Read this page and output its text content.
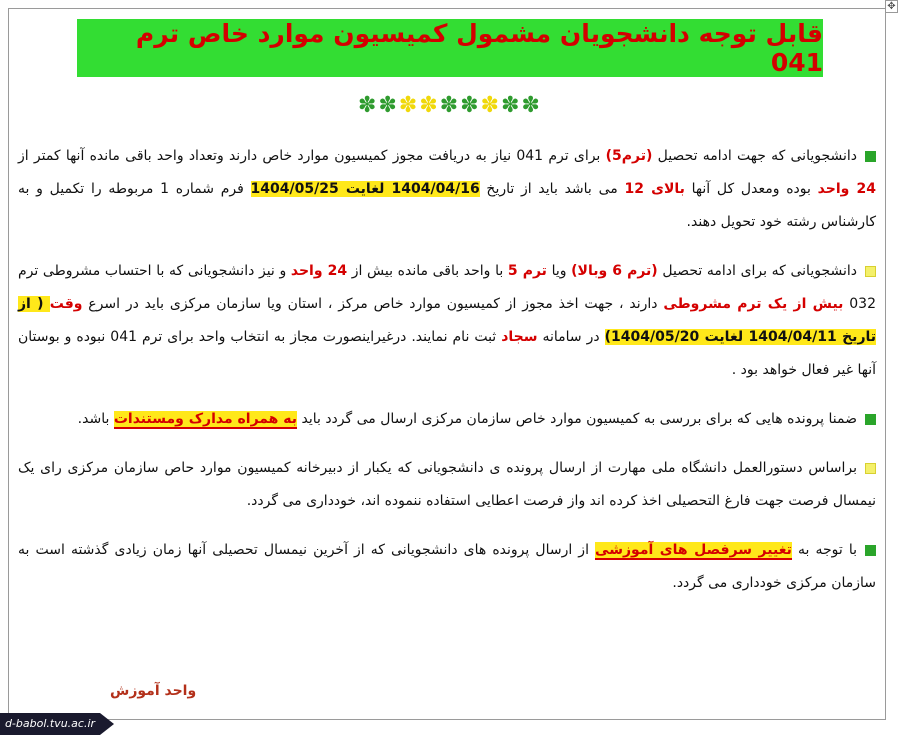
✥
قابل توجه دانشجویان مشمول کمیسیون موارد خاص ترم 041
✽✽✽✽✽✽✽✽✽
دانشجویانی که جهت ادامه تحصیل (ترم5) برای ترم 041 نیاز به دریافت مجوز کمیسیون موارد خاص دارند وتعداد واحد باقی مانده آنها کمتر از 24 واحد بوده ومعدل کل آنها بالای 12 می باشد باید از تاریخ 1404/04/16 لغایت 1404/05/25 فرم شماره 1 مربوطه را تکمیل و به کارشناس رشته خود تحویل دهند.
دانشجویانی که برای ادامه تحصیل (ترم 6 وبالا) ویا ترم 5 با واحد باقی مانده بیش از 24 واحد و نیز دانشجویانی که با احتساب مشروطی ترم 032 بیش از یک ترم مشروطی دارند ، جهت اخذ مجوز از کمیسیون موارد خاص مرکز ، استان ویا سازمان مرکزی باید در اسرع وقت ( از تاریخ 1404/04/11 لغایت 1404/05/20) در سامانه سجاد ثبت نام نمایند. درغیراینصورت مجاز به انتخاب واحد برای ترم 041 نبوده و بوستان آنها غیر فعال خواهد بود .
ضمنا پرونده هایی که برای بررسی به کمیسیون موارد خاص سازمان مرکزی ارسال می گردد باید به همراه مدارک ومستندات باشد.
براساس دستورالعمل دانشگاه ملی مهارت از ارسال پرونده ی دانشجویانی که یکبار از دبیرخانه کمیسیون موارد حاص سازمان مرکزی رای یک نیمسال فرصت جهت فارغ التحصیلی اخذ کرده اند واز فرصت اعطایی استفاده ننموده اند، خودداری می گردد.
با توجه به تغییر سرفصل های آموزشی از ارسال پرونده های دانشجویانی که از آخرین نیمسال تحصیلی آنها زمان زیادی گذشته است به سازمان مرکزی خودداری می گردد.
واحد آموزش
d-babol.tvu.ac.ir
